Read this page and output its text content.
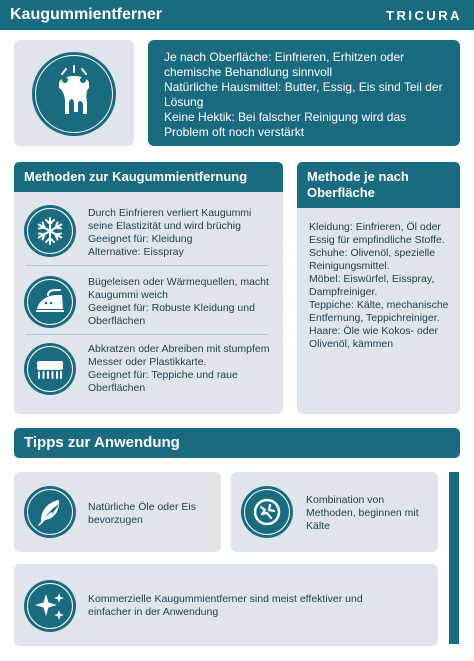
Kaugummientferner	TRICURA
Je nach Oberfläche: Einfrieren, Erhitzen oder chemische Behandlung sinnvoll
Natürliche Hausmittel: Butter, Essig, Eis sind Teil der Lösung
Keine Hektik: Bei falscher Reinigung wird das Problem oft noch verstärkt
Methoden zur Kaugummientfernung
Durch Einfrieren verliert Kaugummi seine Elastizität und wird brüchig
Geeignet für: Kleidung
Alternative: Eisspray
Bügeleisen oder Wärmequellen, macht Kaugummi weich
Geeignet für: Robuste Kleidung und Oberflächen
Abkratzen oder Abreiben mit stumpfem Messer oder Plastikkarte.
Geeignet für: Teppiche und raue Oberflächen
Methode je nach Oberfläche
Kleidung: Einfrieren, Öl oder Essig für empfindliche Stoffe.
Schuhe: Olivenöl, spezielle Reinigungsmittel.
Möbel: Eiswürfel, Eisspray, Dampfreiniger.
Teppiche: Kälte, mechanische Entfernung, Teppichreiniger.
Haare: Öle wie Kokos- oder Olivenöl, kämmen
Tipps zur Anwendung
Natürliche Öle oder Eis bevorzugen
Kombination von Methoden, beginnen mit Kälte
Kommerzielle Kaugummientferner sind meist effektiver und einfacher in der Anwendung
